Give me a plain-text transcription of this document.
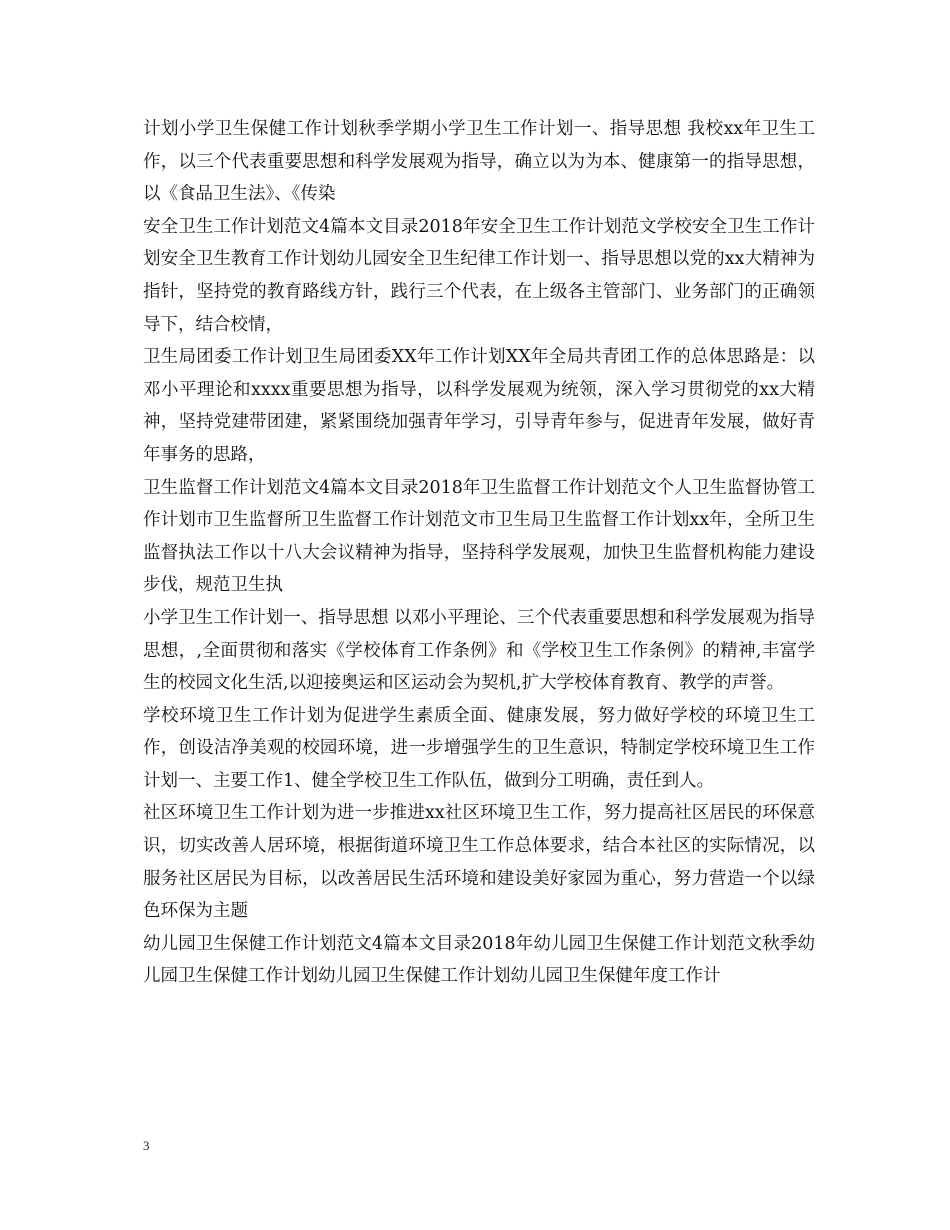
计划小学卫生保健工作计划秋季学期小学卫生工作计划一、指导思想 我校xx年卫生工作，以三个代表重要思想和科学发展观为指导，确立以为为本、健康第一的指导思想，以《食品卫生法》、《传染

安全卫生工作计划范文4篇本文目录2018年安全卫生工作计划范文学校安全卫生工作计划安全卫生教育工作计划幼儿园安全卫生纪律工作计划一、指导思想以党的xx大精神为指针，坚持党的教育路线方针，践行三个代表，在上级各主管部门、业务部门的正确领导下，结合校情，

卫生局团委工作计划卫生局团委XX年工作计划XX年全局共青团工作的总体思路是：以邓小平理论和xxxx重要思想为指导，以科学发展观为统领，深入学习贯彻党的xx大精神，坚持党建带团建，紧紧围绕加强青年学习，引导青年参与，促进青年发展，做好青年事务的思路，

卫生监督工作计划范文4篇本文目录2018年卫生监督工作计划范文个人卫生监督协管工作计划市卫生监督所卫生监督工作计划范文市卫生局卫生监督工作计划xx年，全所卫生监督执法工作以十八大会议精神为指导，坚持科学发展观，加快卫生监督机构能力建设步伐，规范卫生执

小学卫生工作计划一、指导思想 以邓小平理论、三个代表重要思想和科学发展观为指导思想，,全面贯彻和落实《学校体育工作条例》和《学校卫生工作条例》的精神,丰富学生的校园文化生活,以迎接奥运和区运动会为契机,扩大学校体育教育、教学的声誉。

学校环境卫生工作计划为促进学生素质全面、健康发展，努力做好学校的环境卫生工作，创设洁净美观的校园环境，进一步增强学生的卫生意识，特制定学校环境卫生工作计划一、主要工作1、健全学校卫生工作队伍，做到分工明确，责任到人。

社区环境卫生工作计划为进一步推进xx社区环境卫生工作，努力提高社区居民的环保意识，切实改善人居环境，根据街道环境卫生工作总体要求，结合本社区的实际情况，以服务社区居民为目标，以改善居民生活环境和建设美好家园为重心，努力营造一个以绿色环保为主题

幼儿园卫生保健工作计划范文4篇本文目录2018年幼儿园卫生保健工作计划范文秋季幼儿园卫生保健工作计划幼儿园卫生保健工作计划幼儿园卫生保健年度工作计

3
